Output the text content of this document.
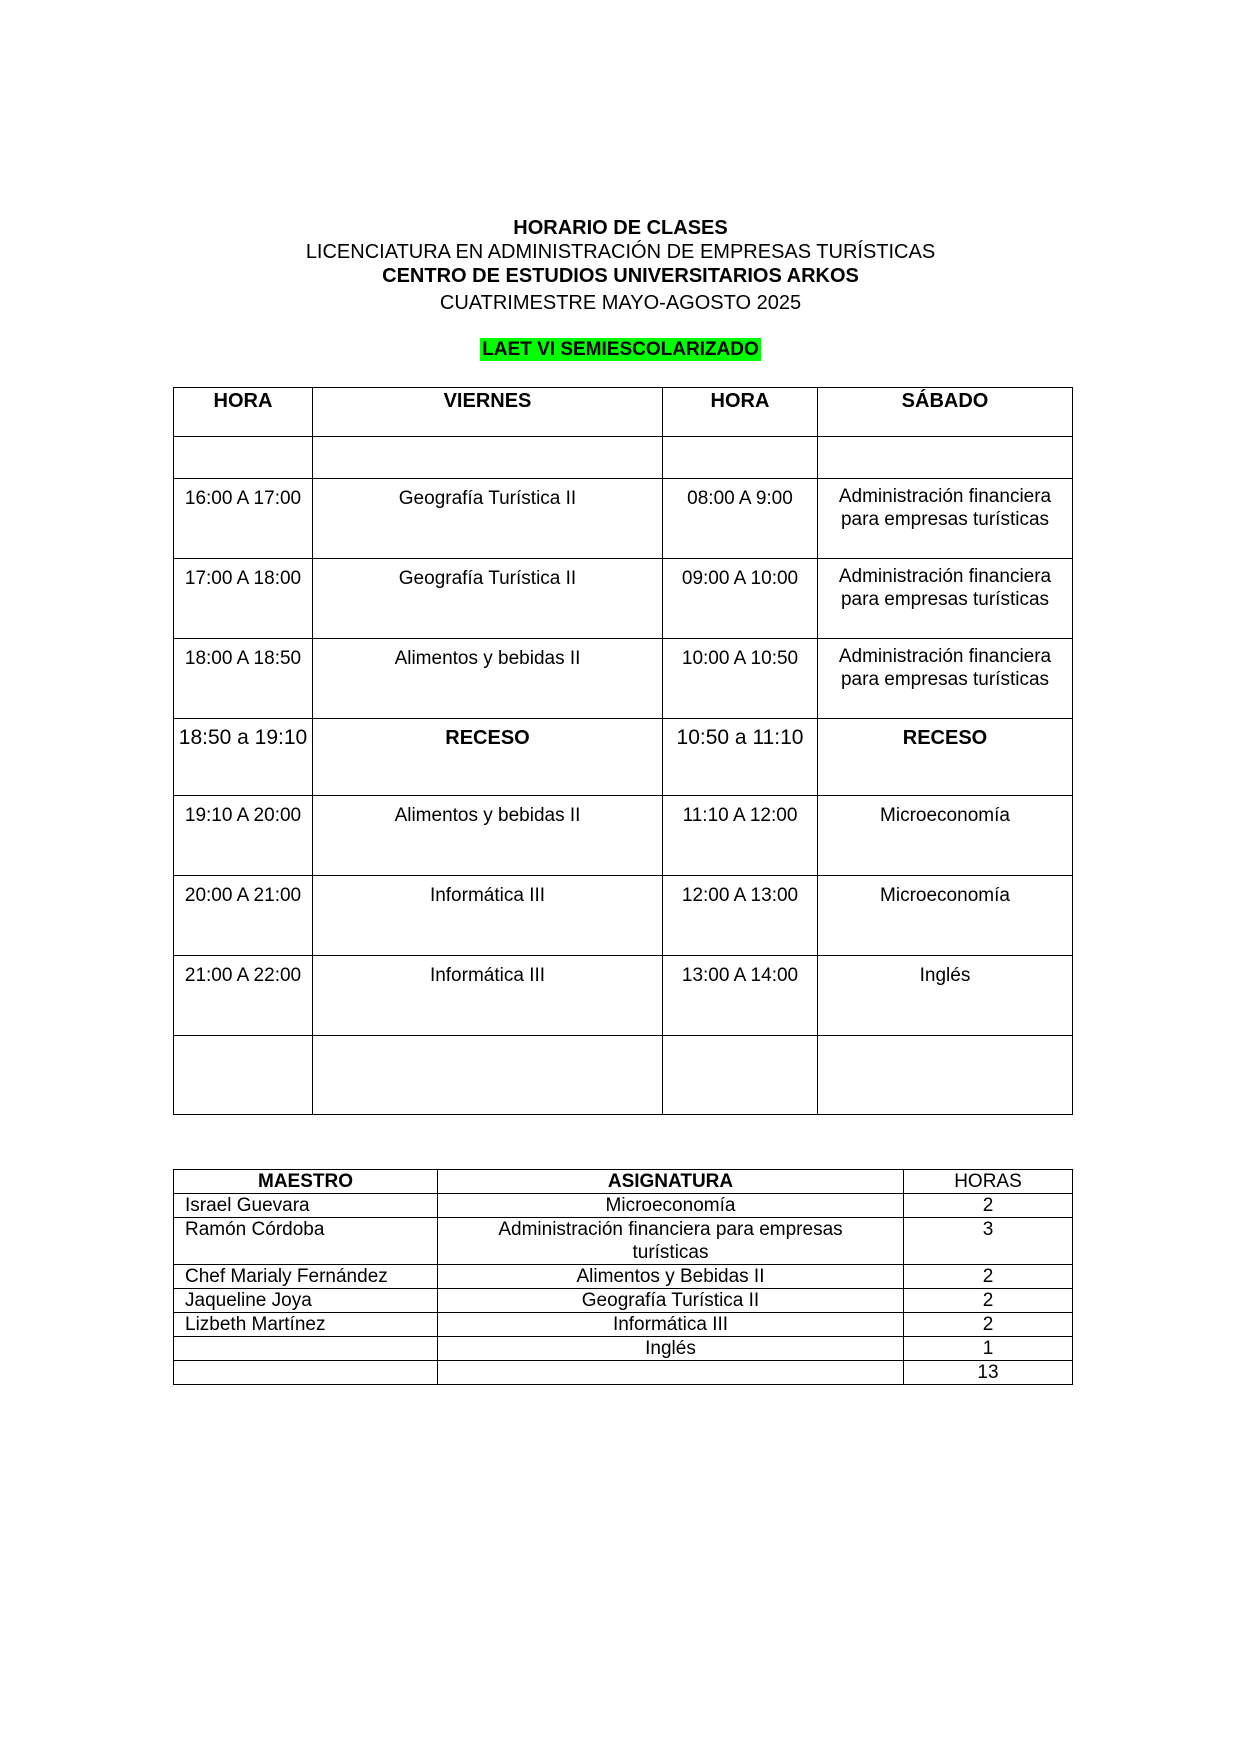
HORARIO DE CLASES
LICENCIATURA EN ADMINISTRACIÓN DE EMPRESAS TURÍSTICAS
CENTRO DE ESTUDIOS UNIVERSITARIOS ARKOS
CUATRIMESTRE MAYO-AGOSTO 2025
LAET VI SEMIESCOLARIZADO
HORA	VIERNES	HORA	SÁBADO

16:00 A 17:00	Geografía Turística II	08:00 A 9:00	Administración financiera para empresas turísticas
17:00 A 18:00	Geografía Turística II	09:00 A 10:00	Administración financiera para empresas turísticas
18:00 A 18:50	Alimentos y bebidas II	10:00 A 10:50	Administración financiera para empresas turísticas
18:50 a 19:10	RECESO	10:50 a 11:10	RECESO
19:10 A 20:00	Alimentos y bebidas II	11:10 A 12:00	Microeconomía
20:00 A 21:00	Informática III	12:00 A 13:00	Microeconomía
21:00 A 22:00	Informática III	13:00 A 14:00	Inglés

MAESTRO	ASIGNATURA	HORAS
Israel Guevara	Microeconomía	2
Ramón Córdoba	Administración financiera para empresas turísticas	3
Chef Marialy Fernández	Alimentos y Bebidas II	2
Jaqueline Joya	Geografía Turística II	2
Lizbeth Martínez	Informática III	2
	Inglés	1
		13
